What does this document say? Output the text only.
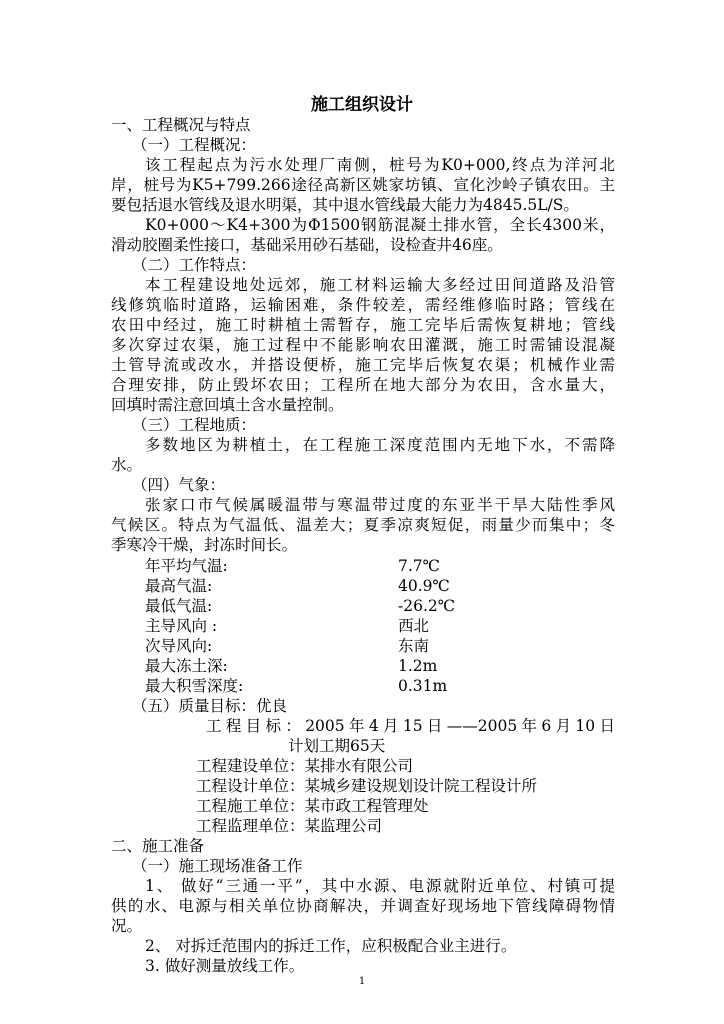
施工组织设计
一、工程概况与特点
（一）工程概况：
该工程起点为污水处理厂南侧，桩号为K0+000,终点为洋河北
岸，桩号为K5+799.266途径高新区姚家坊镇、宣化沙岭子镇农田。主
要包括退水管线及退水明渠，其中退水管线最大能力为4845.5L/S。
K0+000～K4+300为Φ1500钢筋混凝土排水管，全长4300米，
滑动胶圈柔性接口，基础采用砂石基础，设检查井46座。
（二）工作特点：
本工程建设地处远郊，施工材料运输大多经过田间道路及沿管
线修筑临时道路，运输困难，条件较差，需经维修临时路；管线在
农田中经过，施工时耕植土需暂存，施工完毕后需恢复耕地；管线
多次穿过农渠，施工过程中不能影响农田灌溉，施工时需铺设混凝
土管导流或改水，并搭设便桥，施工完毕后恢复农渠；机械作业需
合理安排，防止毁坏农田；工程所在地大部分为农田，含水量大，
回填时需注意回填土含水量控制。
（三）工程地质：
多数地区为耕植土，在工程施工深度范围内无地下水，不需降
水。
（四）气象：
张家口市气候属暖温带与寒温带过度的东亚半干旱大陆性季风
气候区。特点为气温低、温差大；夏季凉爽短促，雨量少而集中；冬
季寒冷干燥，封冻时间长。
年平均气温:	7.7℃
最高气温:	40.9℃
最低气温:	-26.2℃
主导风向 :	西北
次导风向:	东南
最大冻土深:	1.2m
最大积雪深度:	0.31m
（五）质量目标：优良
工程目标：2005年4月15日——2005年6月10日
计划工期65天
工程建设单位：某排水有限公司
工程设计单位：某城乡建设规划设计院工程设计所
工程施工单位：某市政工程管理处
工程监理单位：某监理公司
二、施工准备
（一）施工现场准备工作
1、 做好“三通一平”，其中水源、电源就附近单位、村镇可提
供的水、电源与相关单位协商解决，并调查好现场地下管线障碍物情
况。
2、 对拆迁范围内的拆迁工作，应积极配合业主进行。
3. 做好测量放线工作。
1
